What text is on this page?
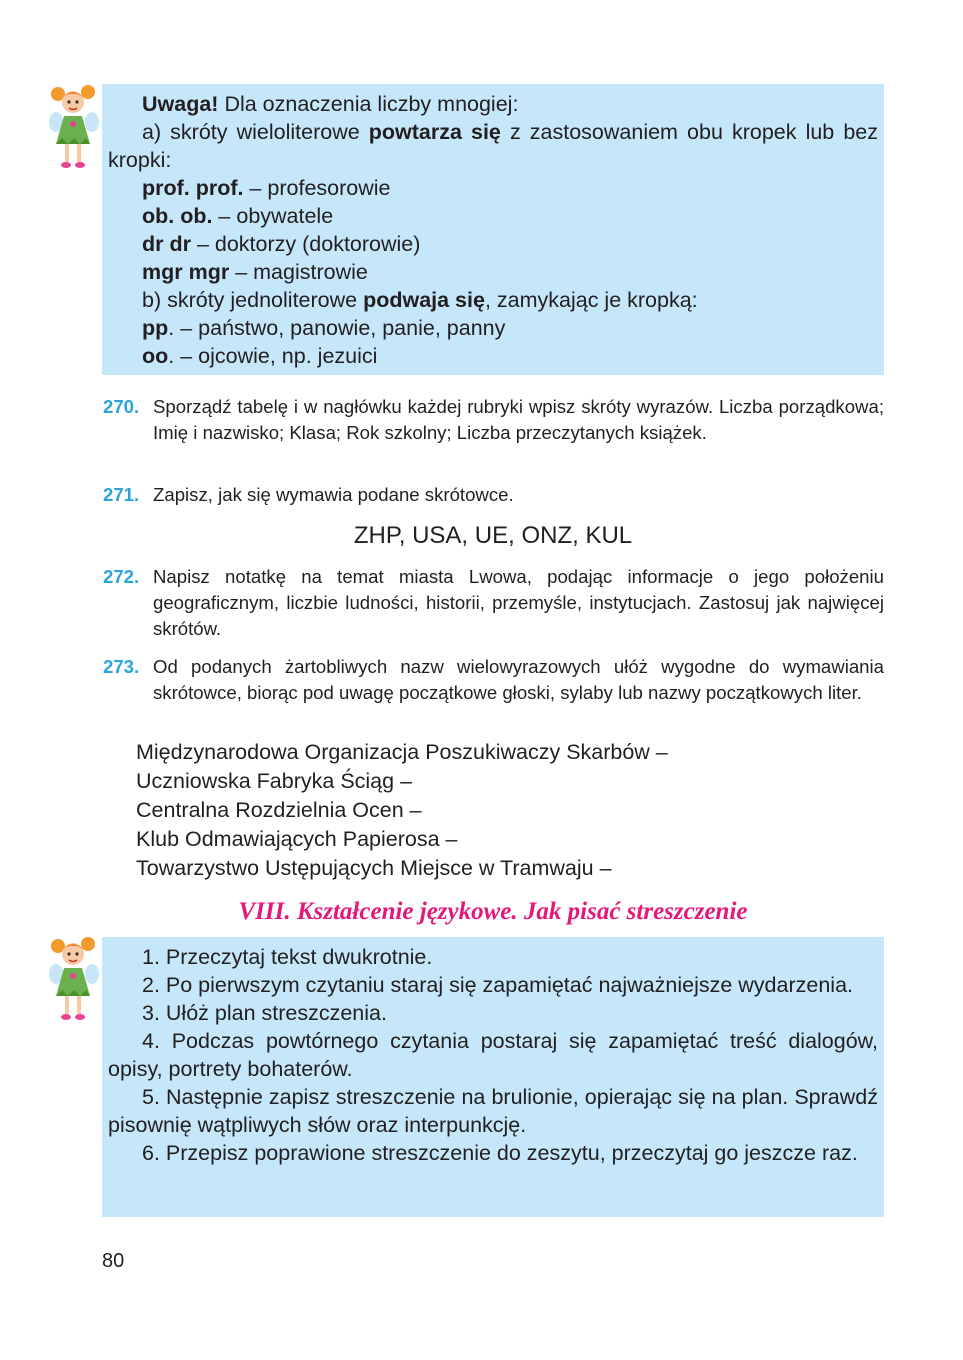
Uwaga! Dla oznaczenia liczby mnogiej:

a) skróty wieloliterowe powtarza się z zastosowaniem obu kropek lub bez kropki:

prof. prof. – profesorowie

ob. ob. – obywatele

dr dr – doktorzy (doktorowie)

mgr mgr – magistrowie

b) skróty jednoliterowe podwaja się, zamykając je kropką:

pp. – państwo, panowie, panie, panny

oo. – ojcowie, np. jezuici

270. Sporządź tabelę i w nagłówku każdej rubryki wpisz skróty wyrazów. Liczba porządkowa; Imię i nazwisko; Klasa; Rok szkolny; Liczba przeczytanych książek.
271. Zapisz, jak się wymawia podane skrótowce.
ZHP, USA, UE, ONZ, KUL
272. Napisz notatkę na temat miasta Lwowa, podając informacje o jego położeniu geograficznym, liczbie ludności, historii, przemyśle, instytucjach. Zastosuj jak najwięcej skrótów.
273. Od podanych żartobliwych nazw wielowyrazowych ułóż wygodne do wymawiania skrótowce, biorąc pod uwagę początkowe głoski, sylaby lub nazwy początkowych liter.
Międzynarodowa Organizacja Poszukiwaczy Skarbów –
Uczniowska Fabryka Ściąg –
Centralna Rozdzielnia Ocen –
Klub Odmawiających Papierosa –
Towarzystwo Ustępujących Miejsce w Tramwaju –
VIII. Kształcenie językowe. Jak pisać streszczenie

1. Przeczytaj tekst dwukrotnie.

2. Po pierwszym czytaniu staraj się zapamiętać najważniejsze wydarzenia.

3. Ułóż plan streszczenia.

4. Podczas powtórnego czytania postaraj się zapamiętać treść dialogów, opisy, portrety bohaterów.

5. Następnie zapisz streszczenie na brulionie, opierając się na plan. Sprawdź pisownię wątpliwych słów oraz interpunkcję.

6. Przepisz poprawione streszczenie do zeszytu, przeczytaj go jeszcze raz.

80
